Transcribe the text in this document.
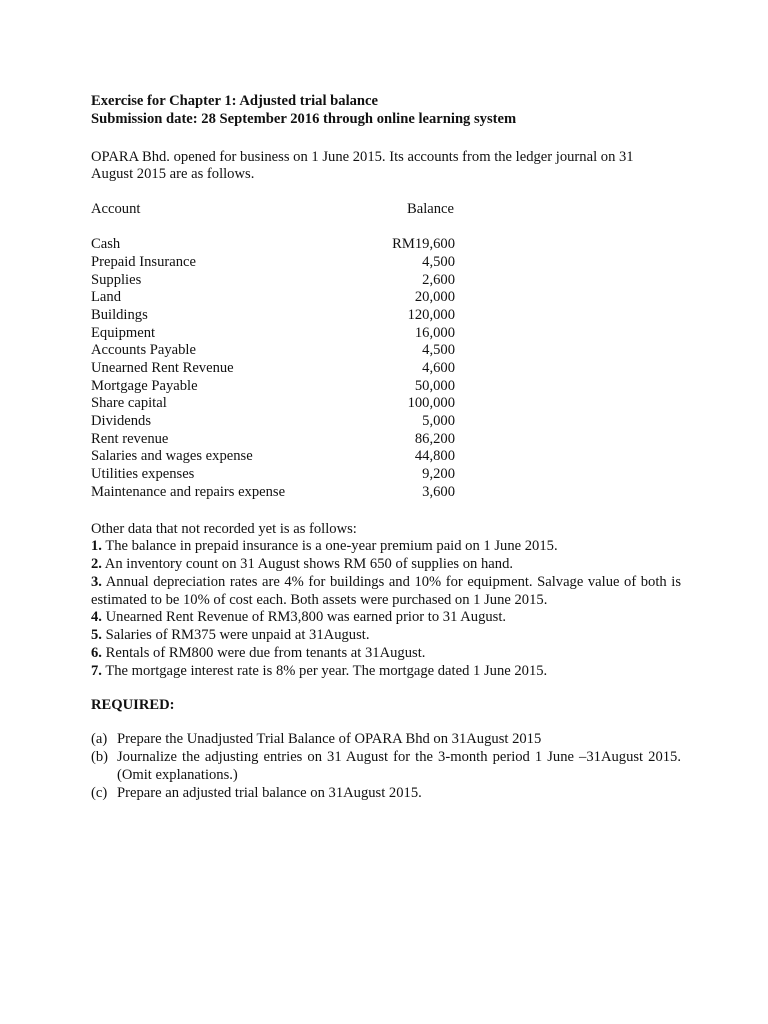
Exercise for Chapter 1: Adjusted trial balance

Submission date: 28 September 2016 through online learning system

OPARA Bhd. opened for business on 1 June 2015. Its accounts from the ledger journal on 31 August 2015 are as follows.
Account	Balance
Cash	RM19,600
Prepaid Insurance	4,500
Supplies	2,600
Land	20,000
Buildings	120,000
Equipment	16,000
Accounts Payable	4,500
Unearned Rent Revenue	4,600
Mortgage Payable	50,000
Share capital	100,000
Dividends	5,000
Rent revenue	86,200
Salaries and wages expense	44,800
Utilities expenses	9,200
Maintenance and repairs expense	3,600
Other data that not recorded yet is as follows:
1. The balance in prepaid insurance is a one-year premium paid on 1 June 2015.
2. An inventory count on 31 August shows RM 650 of supplies on hand.
3. Annual depreciation rates are 4% for buildings and 10% for equipment. Salvage value of both is estimated to be 10% of cost each. Both assets were purchased on 1 June 2015.
4. Unearned Rent Revenue of RM3,800 was earned prior to 31 August.
5. Salaries of RM375 were unpaid at 31August.
6. Rentals of RM800 were due from tenants at 31August.
7. The mortgage interest rate is 8% per year. The mortgage dated 1 June 2015.
REQUIRED:
(a) Prepare the Unadjusted Trial Balance of OPARA Bhd on 31August 2015
(b) Journalize the adjusting entries on 31 August for the 3-month period 1 June –31August 2015. (Omit explanations.)
(c) Prepare an adjusted trial balance on 31August 2015.
